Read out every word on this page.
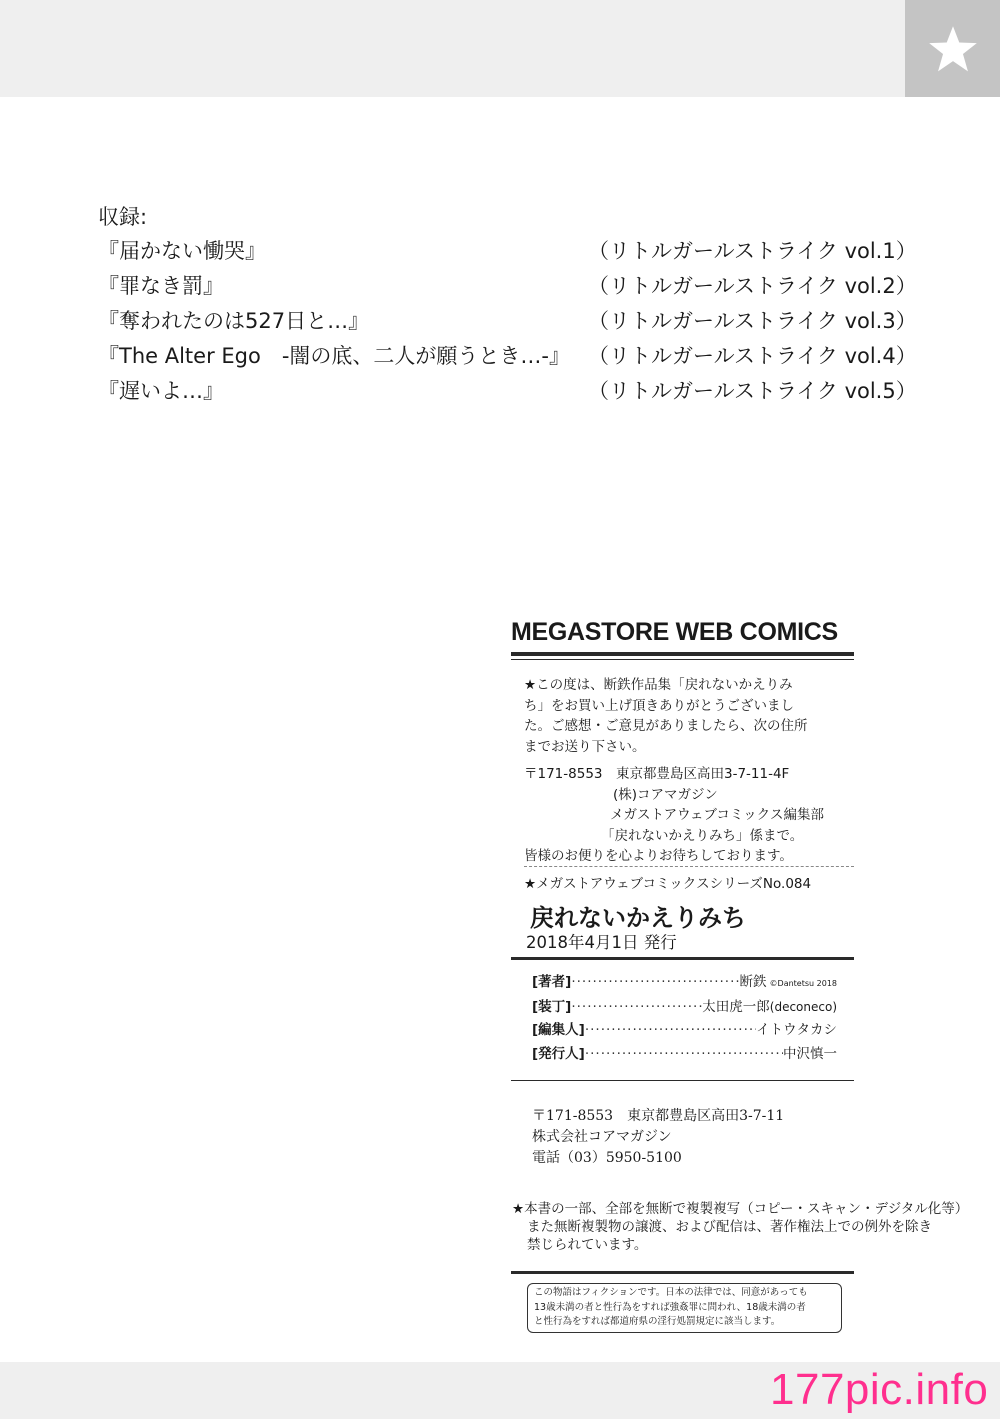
収録:
『届かない慟哭』	（リトルガールストライク vol.1）
『罪なき罰』	（リトルガールストライク vol.2）
『奪われたのは527日と…』	（リトルガールストライク vol.3）
『The Alter Ego　-闇の底、二人が願うとき…-』 （リトルガールストライク vol.4）
『遅いよ…』	（リトルガールストライク vol.5）
MEGASTORE WEB COMICS
★この度は、断鉄作品集「戻れないかえりみ
ち」をお買い上げ頂きありがとうございまし
た。ご感想・ご意見がありましたら、次の住所
までお送り下さい。
〒171-8553　東京都豊島区高田3-7-11-4F
(株)コアマガジン
メガストアウェブコミックス編集部
「戻れないかえりみち」係まで。
皆様のお便りを心よりお待ちしております。
★メガストアウェブコミックスシリーズNo.084
戻れないかえりみち
2018年4月1日 発行
[著者] ·····	断鉄 ©Dantetsu 2018
[装丁] ·····	太田虎一郎 (deconeco)
[編集人] ·····	イトウタカシ
[発行人] ·····	中沢慎一
〒171-8553　東京都豊島区高田3-7-11
株式会社コアマガジン
電話（03）5950-5100
★本書の一部、全部を無断で複製複写（コピー・スキャン・デジタル化等）
また無断複製物の譲渡、および配信は、著作権法上での例外を除き
禁じられています。
この物語はフィクションです。日本の法律では、同意があっても
13歳未満の者と性行為をすれば強姦罪に問われ、18歳未満の者
と性行為をすれば都道府県の淫行処罰規定に該当します。
177pic.info
